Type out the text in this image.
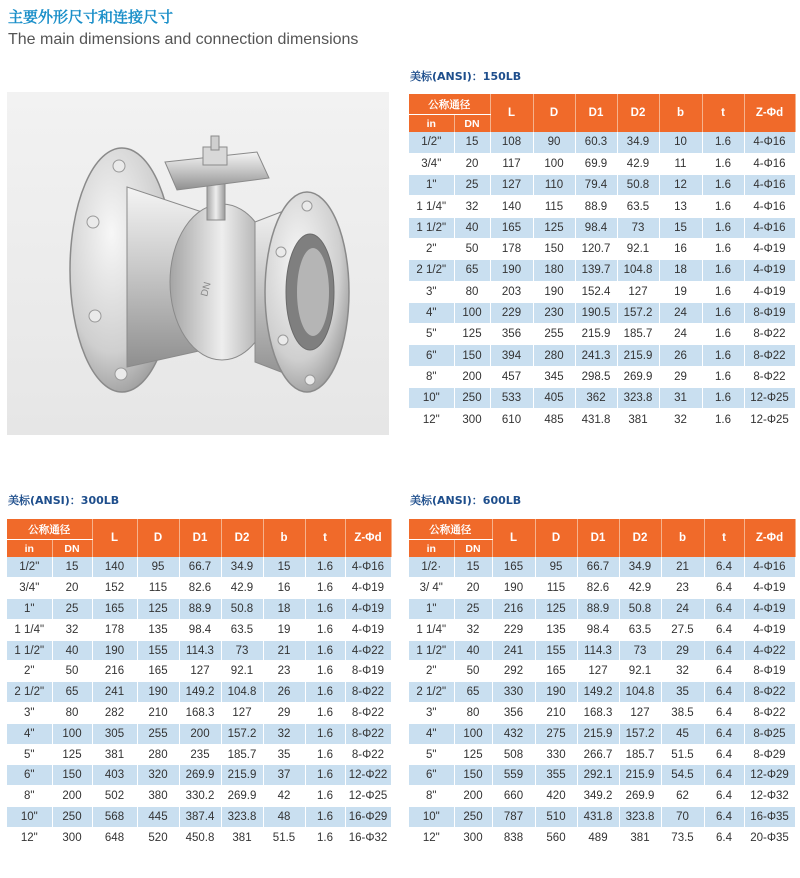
主要外形尺寸和连接尺寸
The main dimensions and connection dimensions
DN
美标(ANSI)：150LB
公称通径		L	D	D1	D2	b	t	Z-Φd
in	DN							
1/2"	15	108	90	60.3	34.9	10	1.6	4-Φ16
3/4"	20	117	100	69.9	42.9	11	1.6	4-Φ16
1"	25	127	110	79.4	50.8	12	1.6	4-Φ16
1 1/4"	32	140	115	88.9	63.5	13	1.6	4-Φ16
1 1/2"	40	165	125	98.4	73	15	1.6	4-Φ16
2"	50	178	150	120.7	92.1	16	1.6	4-Φ19
2 1/2"	65	190	180	139.7	104.8	18	1.6	4-Φ19
3"	80	203	190	152.4	127	19	1.6	4-Φ19
4"	100	229	230	190.5	157.2	24	1.6	8-Φ19
5"	125	356	255	215.9	185.7	24	1.6	8-Φ22
6"	150	394	280	241.3	215.9	26	1.6	8-Φ22
8"	200	457	345	298.5	269.9	29	1.6	8-Φ22
10"	250	533	405	362	323.8	31	1.6	12-Φ25
12"	300	610	485	431.8	381	32	1.6	12-Φ25
美标(ANSI)：300LB
公称通径		L	D	D1	D2	b	t	Z-Φd
in	DN							
1/2"	15	140	95	66.7	34.9	15	1.6	4-Φ16
3/4"	20	152	115	82.6	42.9	16	1.6	4-Φ19
1"	25	165	125	88.9	50.8	18	1.6	4-Φ19
1 1/4"	32	178	135	98.4	63.5	19	1.6	4-Φ19
1 1/2"	40	190	155	114.3	73	21	1.6	4-Φ22
2"	50	216	165	127	92.1	23	1.6	8-Φ19
2 1/2"	65	241	190	149.2	104.8	26	1.6	8-Φ22
3"	80	282	210	168.3	127	29	1.6	8-Φ22
4"	100	305	255	200	157.2	32	1.6	8-Φ22
5"	125	381	280	235	185.7	35	1.6	8-Φ22
6"	150	403	320	269.9	215.9	37	1.6	12-Φ22
8"	200	502	380	330.2	269.9	42	1.6	12-Φ25
10"	250	568	445	387.4	323.8	48	1.6	16-Φ29
12"	300	648	520	450.8	381	51.5	1.6	16-Φ32
美标(ANSI)：600LB
公称通径		L	D	D1	D2	b	t	Z-Φd
in	DN							
1/2·	15	165	95	66.7	34.9	21	6.4	4-Φ16
3/ 4"	20	190	115	82.6	42.9	23	6.4	4-Φ19
1"	25	216	125	88.9	50.8	24	6.4	4-Φ19
1 1/4"	32	229	135	98.4	63.5	27.5	6.4	4-Φ19
1 1/2"	40	241	155	114.3	73	29	6.4	4-Φ22
2"	50	292	165	127	92.1	32	6.4	8-Φ19
2 1/2"	65	330	190	149.2	104.8	35	6.4	8-Φ22
3"	80	356	210	168.3	127	38.5	6.4	8-Φ22
4"	100	432	275	215.9	157.2	45	6.4	8-Φ25
5"	125	508	330	266.7	185.7	51.5	6.4	8-Φ29
6"	150	559	355	292.1	215.9	54.5	6.4	12-Φ29
8"	200	660	420	349.2	269.9	62	6.4	12-Φ32
10"	250	787	510	431.8	323.8	70	6.4	16-Φ35
12"	300	838	560	489	381	73.5	6.4	20-Φ35
